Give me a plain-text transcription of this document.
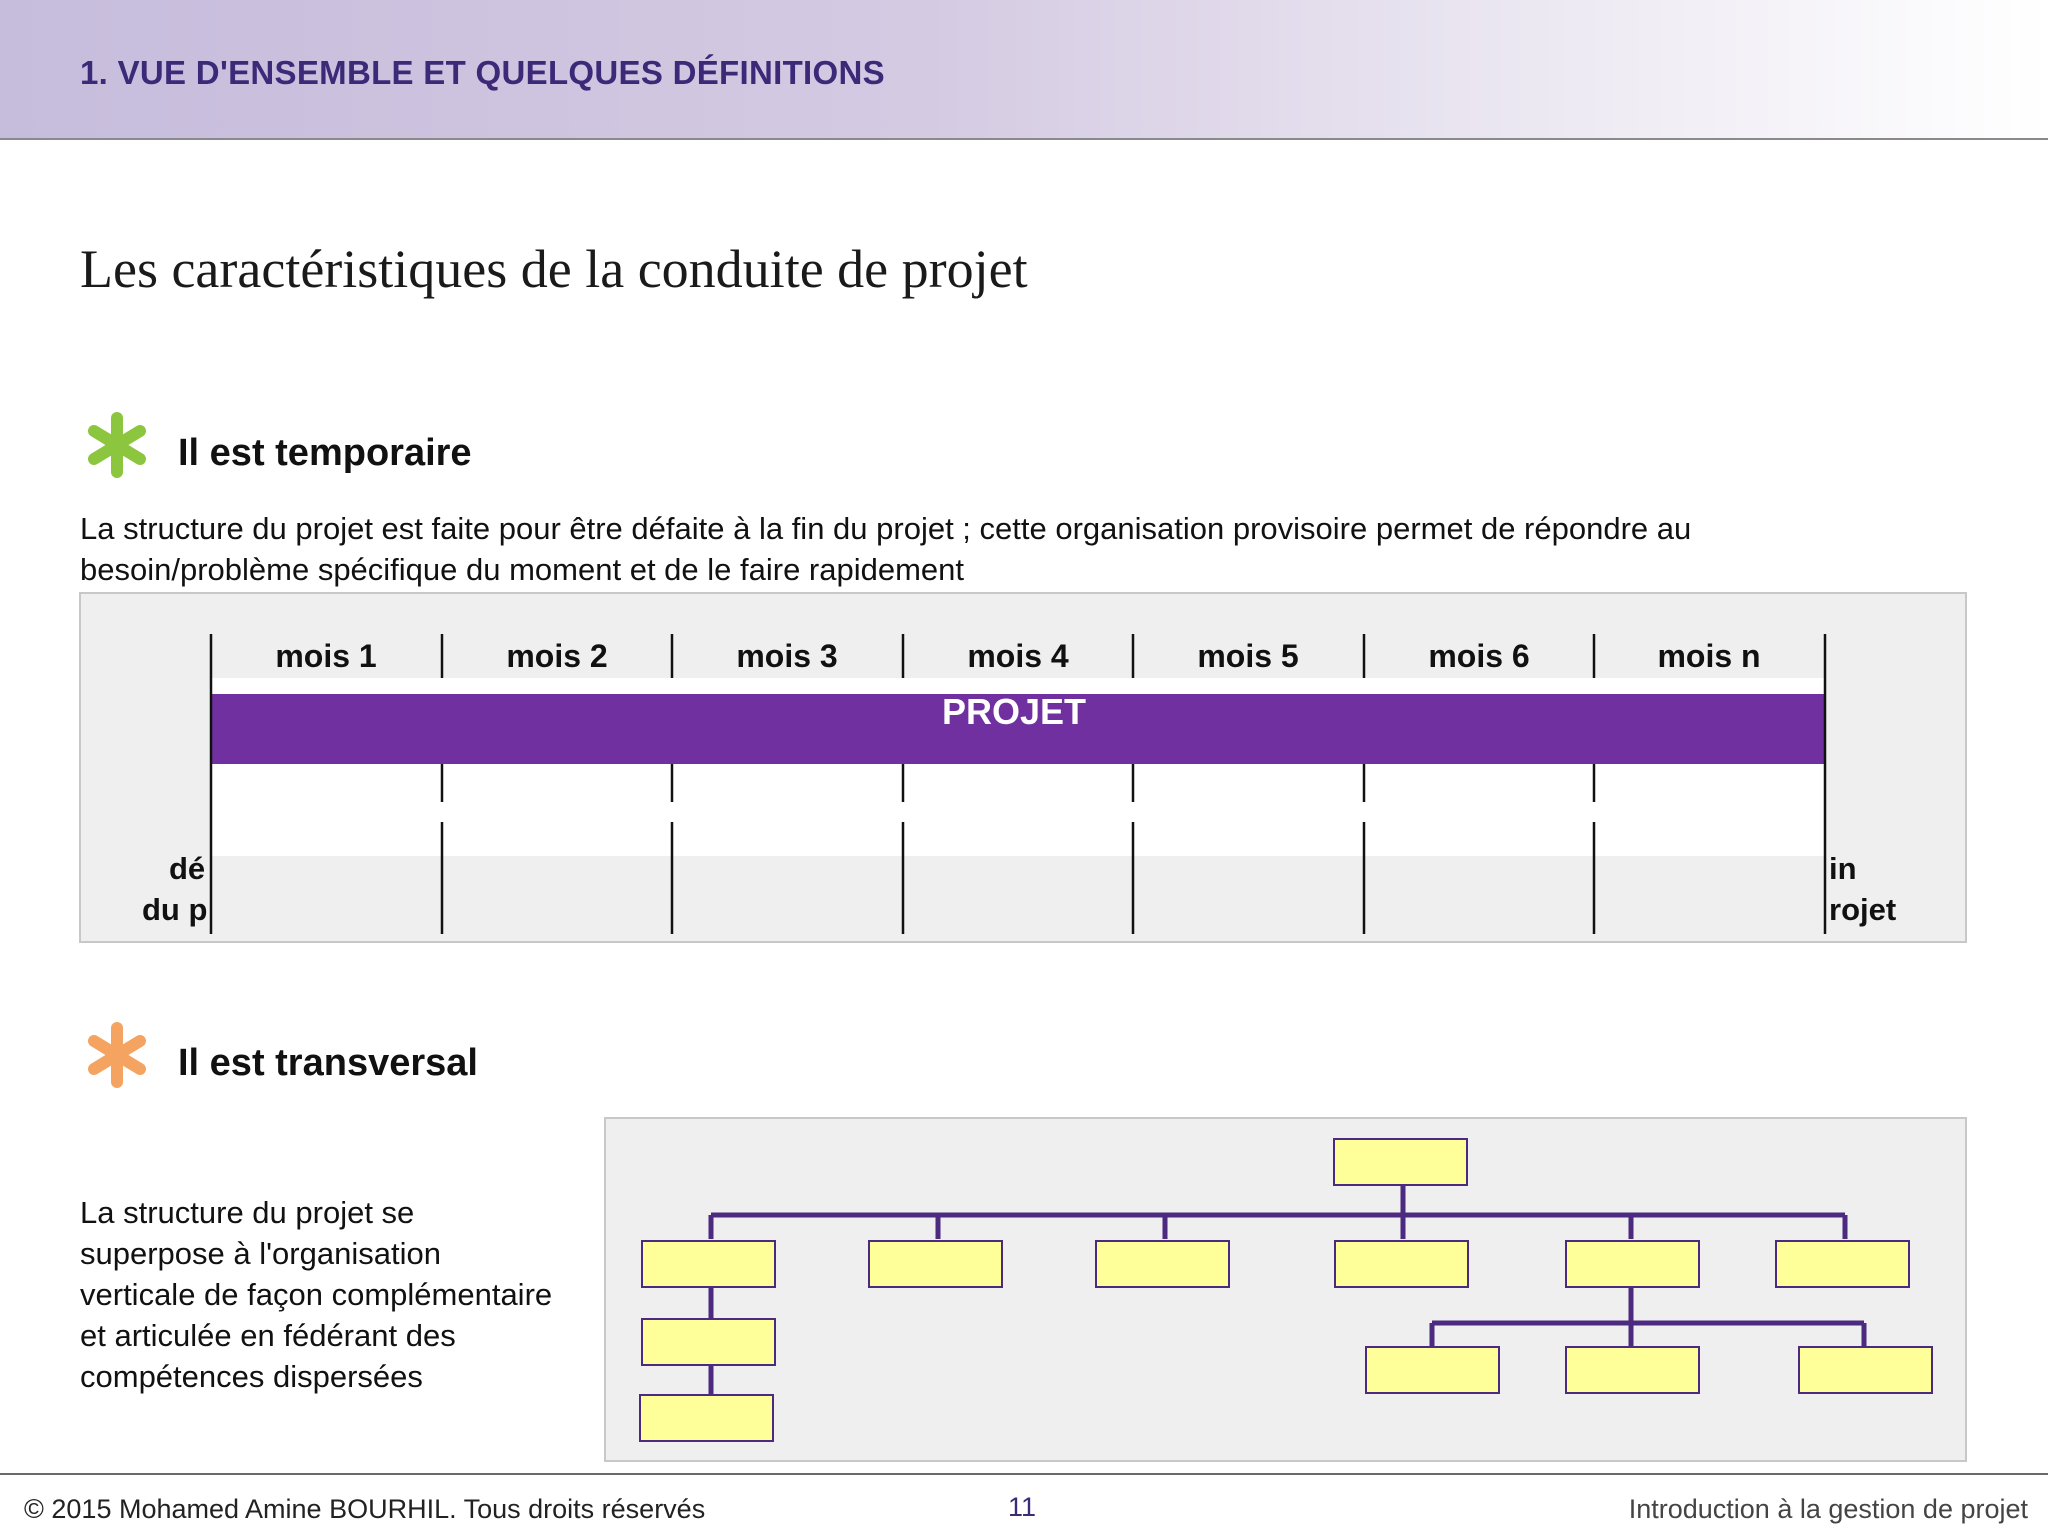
1. VUE D'ENSEMBLE ET QUELQUES DÉFINITIONS
Les caractéristiques de la conduite de projet
Il est temporaire
La structure du projet est faite pour être défaite à la fin du projet ; cette organisation provisoire permet de répondre au
besoin/problème spécifique du moment et de le faire rapidement
mois 1	mois 2	mois 3	mois 4	mois 5	mois 6	mois n
PROJET
dé
du p
in
rojet
Il est transversal
La structure du projet se
superpose à l'organisation
verticale de façon complémentaire
et articulée en fédérant des
compétences dispersées
© 2015 Mohamed Amine BOURHIL. Tous droits réservés	11	Introduction à la gestion de projet
